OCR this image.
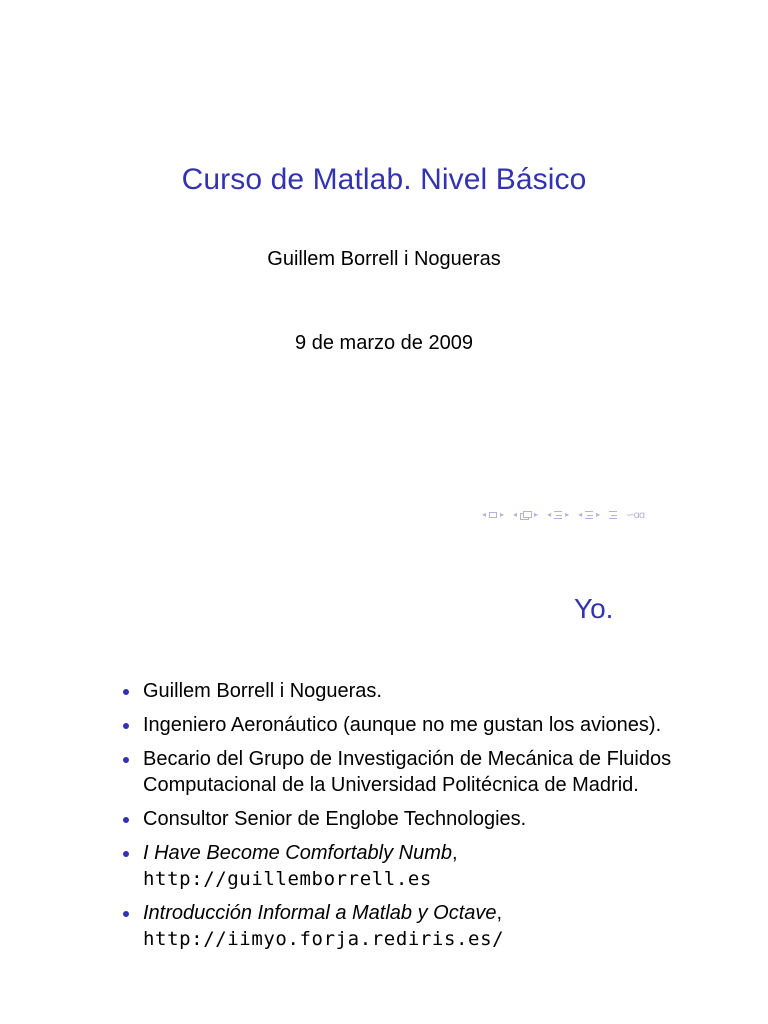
Curso de Matlab. Nivel Básico
Guillem Borrell i Nogueras
9 de marzo de 2009
◂ ▸ ◂ ▸ ◂ ▸ ◂ ▸	∽ɑɑ
Yo.
Guillem Borrell i Nogueras.
Ingeniero Aeronáutico (aunque no me gustan los aviones).
Becario del Grupo de Investigación de Mecánica de Fluidos Computacional de la Universidad Politécnica de Madrid.
Consultor Senior de Englobe Technologies.
I Have Become Comfortably Numb,
http://guillemborrell.es
Introducción Informal a Matlab y Octave,
http://iimyo.forja.rediris.es/
